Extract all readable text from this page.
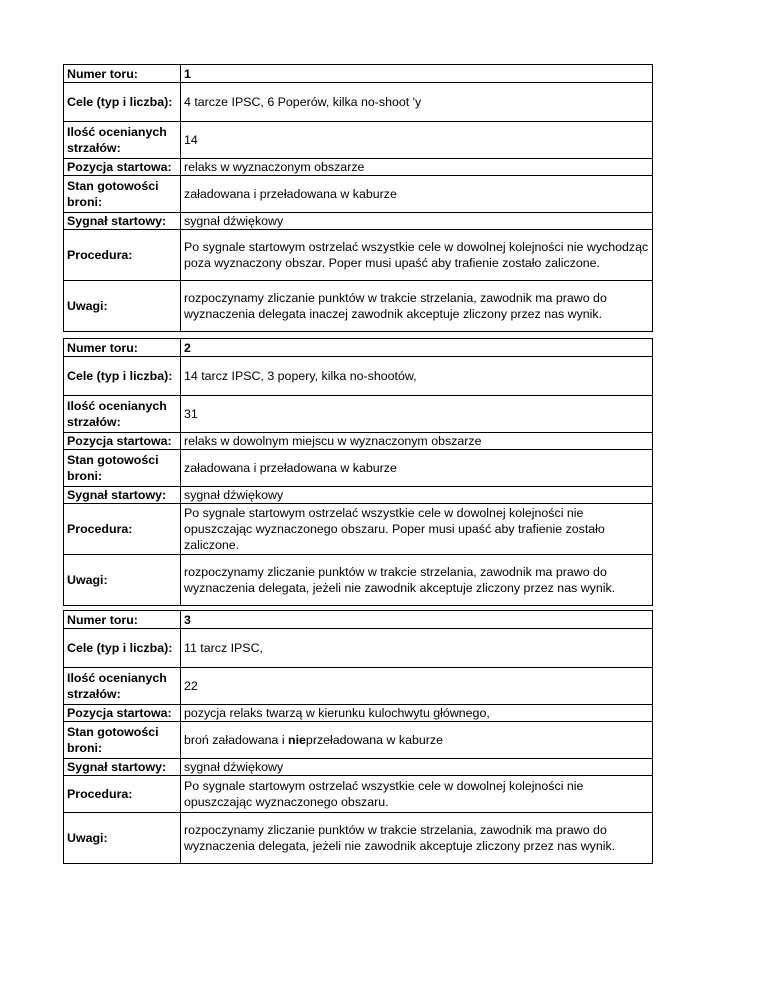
Numer toru:	1
Cele (typ i liczba):	4 tarcze IPSC, 6 Poperów, kilka no-shoot 'y
Ilość ocenianych strzałów:	14
Pozycja startowa:	relaks w wyznaczonym obszarze
Stan gotowości broni:	załadowana i przeładowana w kaburze
Sygnał startowy:	sygnał dźwiękowy
Procedura:	Po sygnale startowym ostrzelać wszystkie cele w dowolnej kolejności nie wychodząc poza wyznaczony obszar. Poper musi upaść aby trafienie zostało zaliczone.
Uwagi:	rozpoczynamy zliczanie punktów w trakcie strzelania, zawodnik ma prawo do wyznaczenia delegata inaczej zawodnik akceptuje zliczony przez nas wynik.
Numer toru:	2
Cele (typ i liczba):	14 tarcz IPSC, 3 popery, kilka no-shootów,
Ilość ocenianych strzałów:	31
Pozycja startowa:	relaks w dowolnym miejscu w wyznaczonym obszarze
Stan gotowości broni:	załadowana i przeładowana w kaburze
Sygnał startowy:	sygnał dźwiękowy
Procedura:	Po sygnale startowym ostrzelać wszystkie cele w dowolnej kolejności nie opuszczając wyznaczonego obszaru. Poper musi upaść aby trafienie zostało zaliczone.
Uwagi:	rozpoczynamy zliczanie punktów w trakcie strzelania, zawodnik ma prawo do wyznaczenia delegata, jeżeli nie zawodnik akceptuje zliczony przez nas wynik.
Numer toru:	3
Cele (typ i liczba):	11 tarcz IPSC,
Ilość ocenianych strzałów:	22
Pozycja startowa:	pozycja relaks twarzą w kierunku kulochwytu głównego,
Stan gotowości broni:	broń załadowana i nieprzeładowana w kaburze
Sygnał startowy:	sygnał dźwiękowy
Procedura:	Po sygnale startowym ostrzelać wszystkie cele w dowolnej kolejności nie opuszczając wyznaczonego obszaru.
Uwagi:	rozpoczynamy zliczanie punktów w trakcie strzelania, zawodnik ma prawo do wyznaczenia delegata, jeżeli nie zawodnik akceptuje zliczony przez nas wynik.
